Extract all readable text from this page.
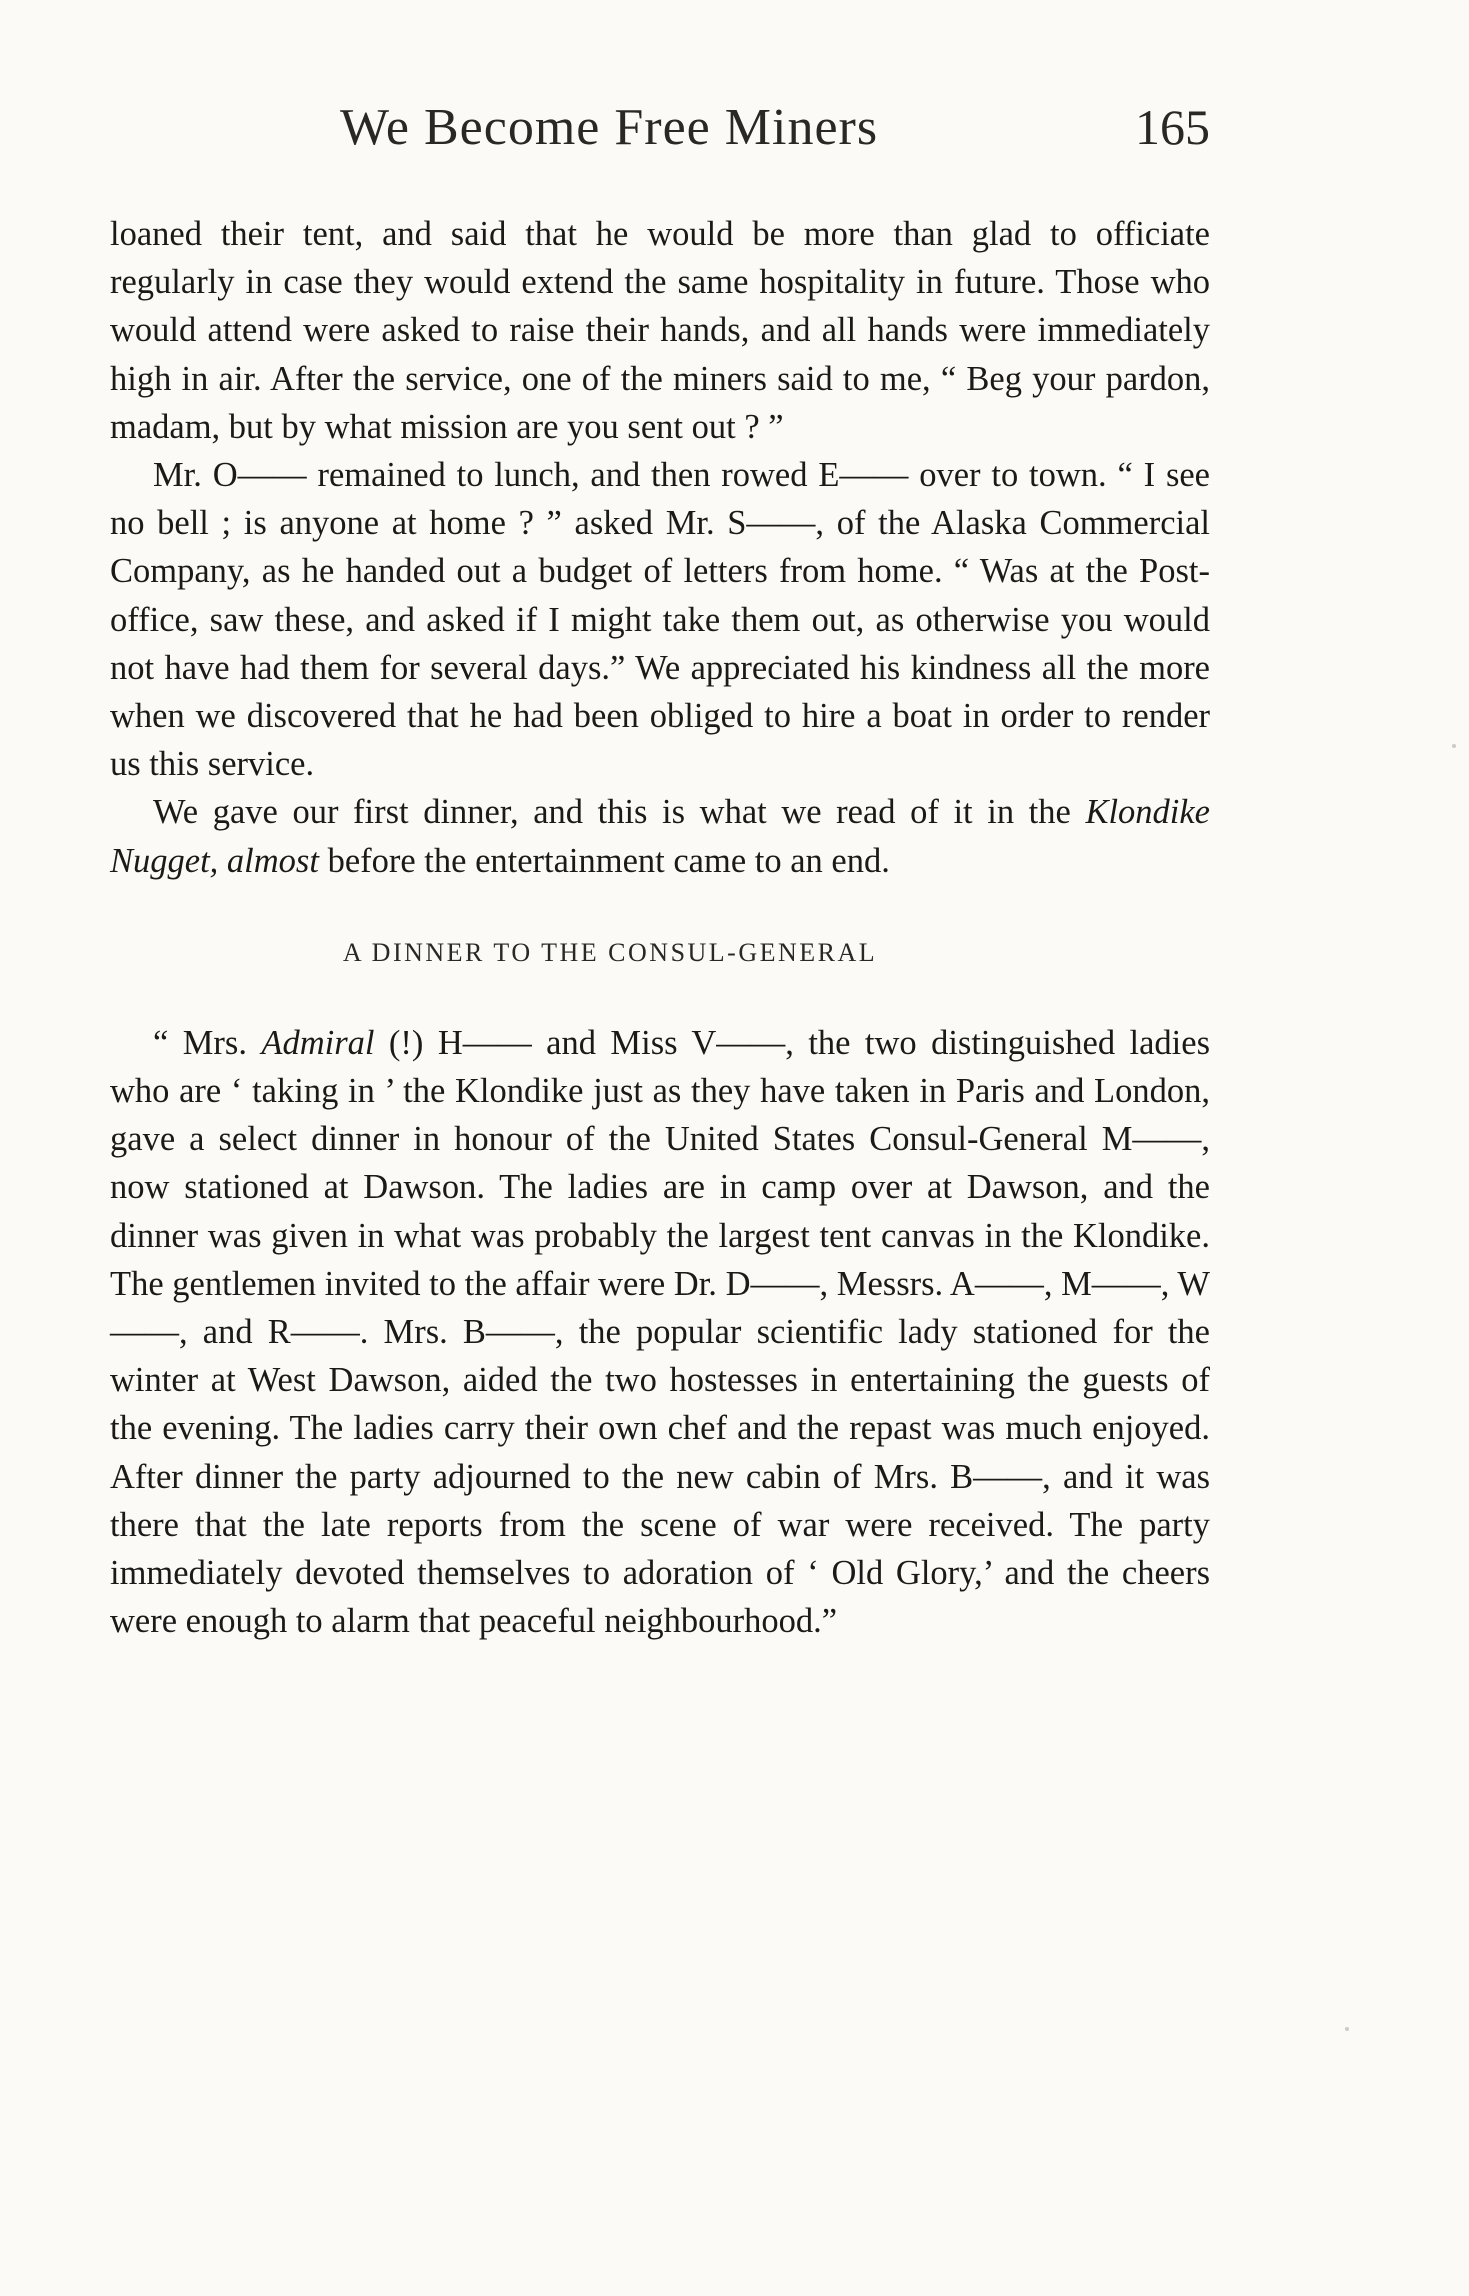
We Become Free Miners	165

loaned their tent, and said that he would be more than glad to officiate regularly in case they would extend the same hospitality in future. Those who would attend were asked to raise their hands, and all hands were immediately high in air. After the service, one of the miners said to me, “ Beg your pardon, madam, but by what mission are you sent out ? ”

Mr. O—— remained to lunch, and then rowed E—— over to town. “ I see no bell ; is anyone at home ? ” asked Mr. S——, of the Alaska Commercial Company, as he handed out a budget of letters from home. “ Was at the Post-office, saw these, and asked if I might take them out, as otherwise you would not have had them for several days.” We appreciated his kindness all the more when we discovered that he had been obliged to hire a boat in order to render us this service.

We gave our first dinner, and this is what we read of it in the Klondike Nugget, almost before the entertainment came to an end.

A DINNER TO THE CONSUL-GENERAL

“ Mrs. Admiral (!) H—— and Miss V——, the two distinguished ladies who are ‘ taking in ’ the Klondike just as they have taken in Paris and London, gave a select dinner in honour of the United States Consul-General M——, now stationed at Dawson. The ladies are in camp over at Dawson, and the dinner was given in what was probably the largest tent canvas in the Klondike. The gentlemen invited to the affair were Dr. D——, Messrs. A——, M——, W——, and R——. Mrs. B——, the popular scientific lady stationed for the winter at West Dawson, aided the two hostesses in entertaining the guests of the evening. The ladies carry their own chef and the repast was much enjoyed. After dinner the party adjourned to the new cabin of Mrs. B——, and it was there that the late reports from the scene of war were received. The party immediately devoted themselves to adoration of ‘ Old Glory,’ and the cheers were enough to alarm that peaceful neighbourhood.”
